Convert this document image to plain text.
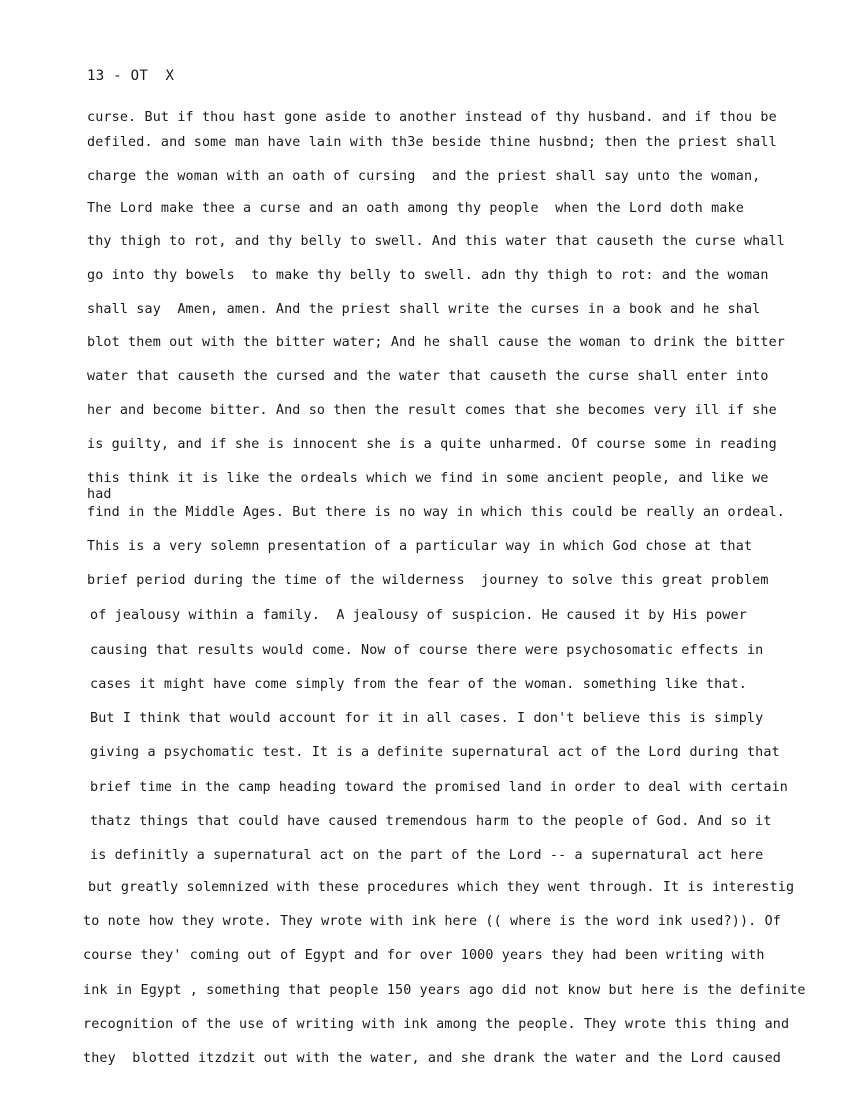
13 - OT  X
curse. But if thou hast gone aside to another instead of thy husband. and if thou be
defiled. and some man have lain with th3e beside thine husbnd; then the priest shall
charge the woman with an oath of cursing  and the priest shall say unto the woman,
The Lord make thee a curse and an oath among thy people  when the Lord doth make
thy thigh to rot, and thy belly to swell. And this water that causeth the curse whall
go into thy bowels  to make thy belly to swell. adn thy thigh to rot: and the woman
shall say  Amen, amen. And the priest shall write the curses in a book and he shal
blot them out with the bitter water; And he shall cause the woman to drink the bitter
water that causeth the cursed and the water that causeth the curse shall enter into
her and become bitter. And so then the result comes that she becomes very ill if she
is guilty, and if she is innocent she is a quite unharmed. Of course some in reading
this think it is like the ordeals which we find in some ancient people, and like we
had
find in the Middle Ages. But there is no way in which this could be really an ordeal.
This is a very solemn presentation of a particular way in which God chose at that
brief period during the time of the wilderness  journey to solve this great problem
of jealousy within a family.  A jealousy of suspicion. He caused it by His power
causing that results would come. Now of course there were psychosomatic effects in
cases it might have come simply from the fear of the woman. something like that.
But I think that would account for it in all cases. I don't believe this is simply
giving a psychomatic test. It is a definite supernatural act of the Lord during that
brief time in the camp heading toward the promised land in order to deal with certain
thatz things that could have caused tremendous harm to the people of God. And so it
is definitly a supernatural act on the part of the Lord -- a supernatural act here
but greatly solemnized with these procedures which they went through. It is interestig
to note how they wrote. They wrote with ink here (( where is the word ink used?)). Of
course they' coming out of Egypt and for over 1000 years they had been writing with
ink in Egypt , something that people 150 years ago did not know but here is the definite
recognition of the use of writing with ink among the people. They wrote this thing and
they  blotted itzdzit out with the water, and she drank the water and the Lord caused
